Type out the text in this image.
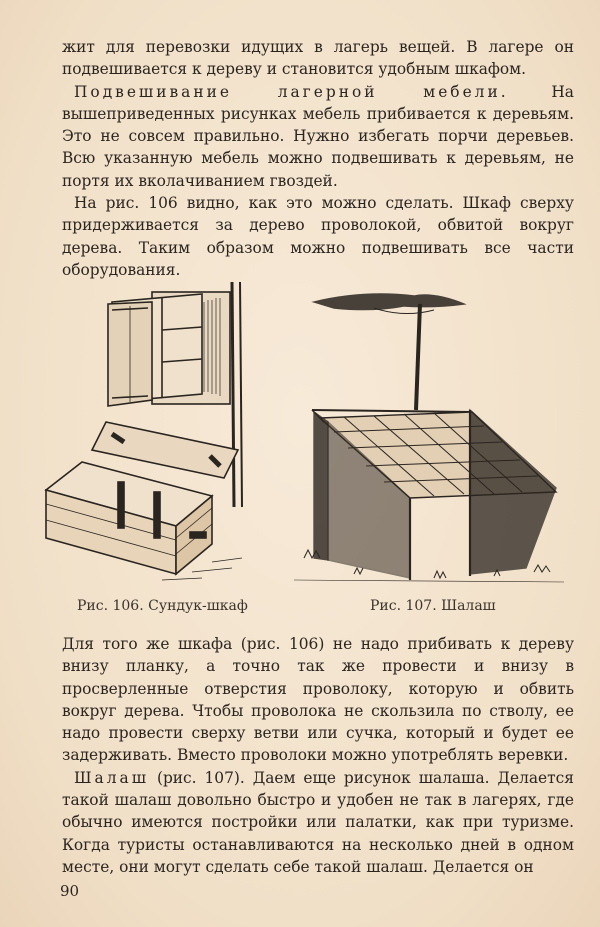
жит для перевозки идущих в лагерь вещей. В лагере он подвешивается к дереву и становится удобным шкафом.

Подвешивание лагерной мебели.	На вышеприведенных рисунках мебель прибивается к деревьям. Это не совсем правильно. Нужно избегать порчи деревьев. Всю указанную мебель можно подвешивать к деревьям, не портя их вколачиванием гвоздей.

На рис. 106 видно, как это можно сделать. Шкаф сверху придерживается за дерево проволокой, обвитой вокруг дерева. Таким образом можно подвешивать все части оборудования.

Рис. 106. Сундук-шкаф	Рис. 107. Шалаш

Для того же шкафа (рис. 106) не надо прибивать к дереву внизу планку, а точно так же провести и внизу в просверленные отверстия проволоку, которую и обвить вокруг дерева. Чтобы проволока не скользила по стволу, ее надо провести сверху ветви или сучка, который и будет ее задерживать. Вместо проволоки можно употреблять веревки.

Шалаш (рис. 107). Даем еще рисунок шалаша. Делается такой шалаш довольно быстро и удобен не так в лагерях, где обычно имеются постройки или палатки, как при туризме. Когда туристы останавливаются на несколько дней в одном месте, они могут сделать себе такой шалаш. Делается он

90
